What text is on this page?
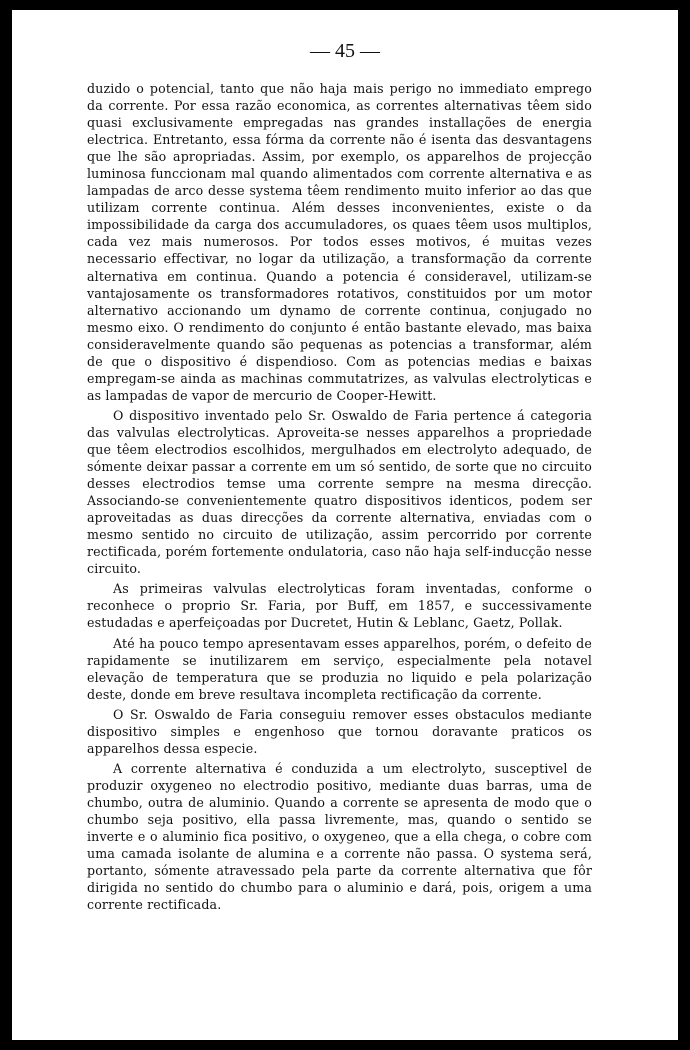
— 45 —

duzido o potencial, tanto que não haja mais perigo no immediato emprego da corrente. Por essa razão economica, as correntes alternativas têem sido quasi exclusivamente empregadas nas grandes installações de energia electrica. Entretanto, essa fórma da corrente não é isenta das desvantagens que lhe são apropriadas. Assim, por exemplo, os apparelhos de projecção luminosa funccionam mal quando alimentados com corrente alternativa e as lampadas de arco desse systema têem rendimento muito inferior ao das que utilizam corrente continua. Além desses inconvenientes, existe o da impossibilidade da carga dos accumuladores, os quaes têem usos multiplos, cada vez mais numerosos. Por todos esses motivos, é muitas vezes necessario effectivar, no logar da utilização, a transformação da corrente alternativa em continua. Quando a potencia é consideravel, utilizam-se vantajosamente os transformadores rotativos, constituidos por um motor alternativo accionando um dynamo de corrente continua, conjugado no mesmo eixo. O rendimento do conjunto é então bastante elevado, mas baixa consideravelmente quando são pequenas as potencias a transformar, além de que o dispositivo é dispendioso. Com as potencias medias e baixas empregam-se ainda as machinas commutatrizes, as valvulas electrolyticas e as lampadas de vapor de mercurio de Cooper-Hewitt.

O dispositivo inventado pelo Sr. Oswaldo de Faria pertence á categoria das valvulas electrolyticas. Aproveita-se nesses apparelhos a propriedade que têem electrodios escolhidos, mergulhados em electrolyto adequado, de sómente deixar passar a corrente em um só sentido, de sorte que no circuito desses electrodios temse uma corrente sempre na mesma direcção. Associando-se convenientemente quatro dispositivos identicos, podem ser aproveitadas as duas direcções da corrente alternativa, enviadas com o mesmo sentido no circuito de utilização, assim percorrido por corrente rectificada, porém fortemente ondulatoria, caso não haja self-inducção nesse circuito.

As primeiras valvulas electrolyticas foram inventadas, conforme o reconhece o proprio Sr. Faria, por Buff, em 1857, e successivamente estudadas e aperfeiçoadas por Ducretet, Hutin & Leblanc, Gaetz, Pollak.

Até ha pouco tempo apresentavam esses apparelhos, porém, o defeito de rapidamente se inutilizarem em serviço, especialmente pela notavel elevação de temperatura que se produzia no liquido e pela polarização deste, donde em breve resultava incompleta rectificação da corrente.

O Sr. Oswaldo de Faria conseguiu remover esses obstaculos mediante dispositivo simples e engenhoso que tornou doravante praticos os apparelhos dessa especie.

A corrente alternativa é conduzida a um electrolyto, susceptivel de produzir oxygeneo no electrodio positivo, mediante duas barras, uma de chumbo, outra de aluminio. Quando a corrente se apresenta de modo que o chumbo seja positivo, ella passa livremente, mas, quando o sentido se inverte e o aluminio fica positivo, o oxygeneo, que a ella chega, o cobre com uma camada isolante de alumina e a corrente não passa. O systema será, portanto, sómente atravessado pela parte da corrente alternativa que fôr dirigida no sentido do chumbo para o aluminio e dará, pois, origem a uma corrente rectificada.
